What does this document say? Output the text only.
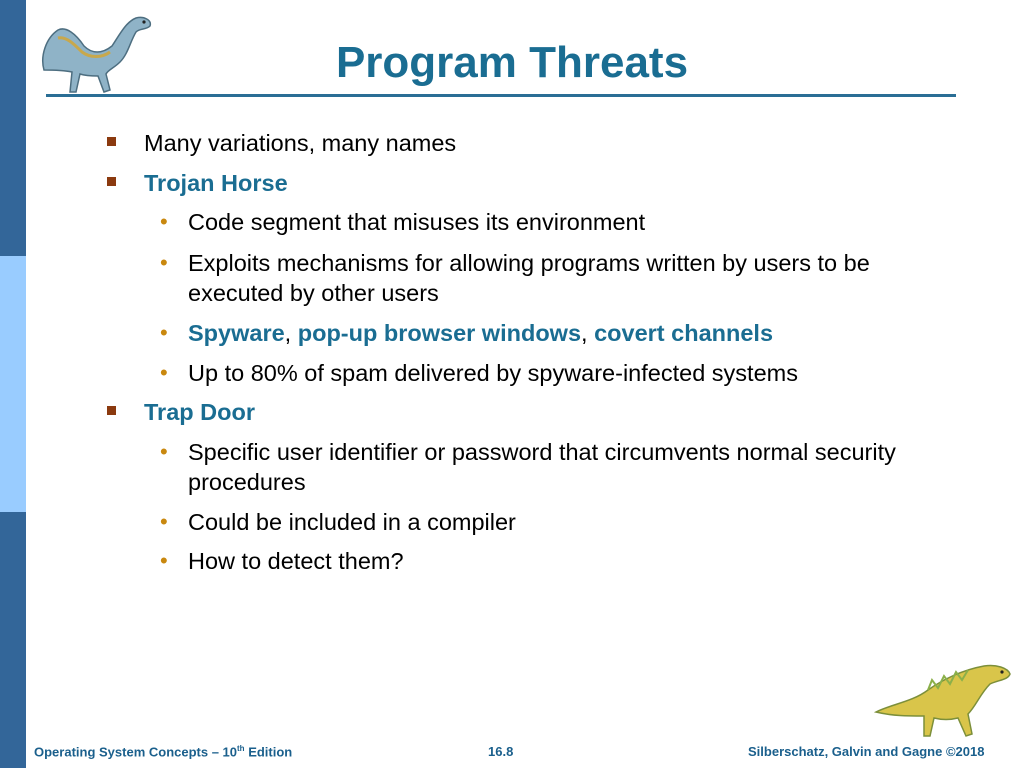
Program Threats
Many variations, many names
Trojan Horse
• Code segment that misuses its environment
• Exploits mechanisms for allowing programs written by users to be executed by other users
• Spyware, pop-up browser windows, covert channels
• Up to 80% of spam delivered by spyware-infected systems
Trap Door
• Specific user identifier or password that circumvents normal security procedures
• Could be included in a compiler
• How to detect them?
Operating System Concepts – 10th Edition	16.8	Silberschatz, Galvin and Gagne ©2018
